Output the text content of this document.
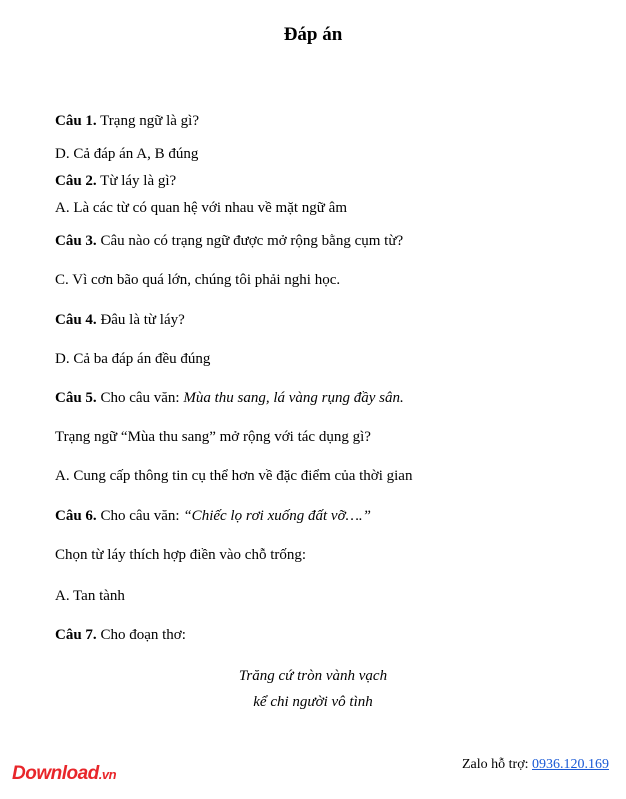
Đáp án
Câu 1. Trạng ngữ là gì?
D. Cả đáp án A, B đúng
Câu 2. Từ láy là gì?
A. Là các từ có quan hệ với nhau về mặt ngữ âm
Câu 3. Câu nào có trạng ngữ được mở rộng bằng cụm từ?
C. Vì cơn bão quá lớn, chúng tôi phải nghi học.
Câu 4. Đâu là từ láy?
D. Cả ba đáp án đều đúng
Câu 5. Cho câu văn: Mùa thu sang, lá vàng rụng đầy sân.
Trạng ngữ “Mùa thu sang” mở rộng với tác dụng gì?
A. Cung cấp thông tin cụ thể hơn về đặc điểm của thời gian
Câu 6. Cho câu văn: “Chiếc lọ rơi xuống đất vỡ….”
Chọn từ láy thích hợp điền vào chỗ trống:
A. Tan tành
Câu 7. Cho đoạn thơ:
Trăng cứ tròn vành vạch
kể chi người vô tình
Download.vn
Zalo hỗ trợ: 0936.120.169
